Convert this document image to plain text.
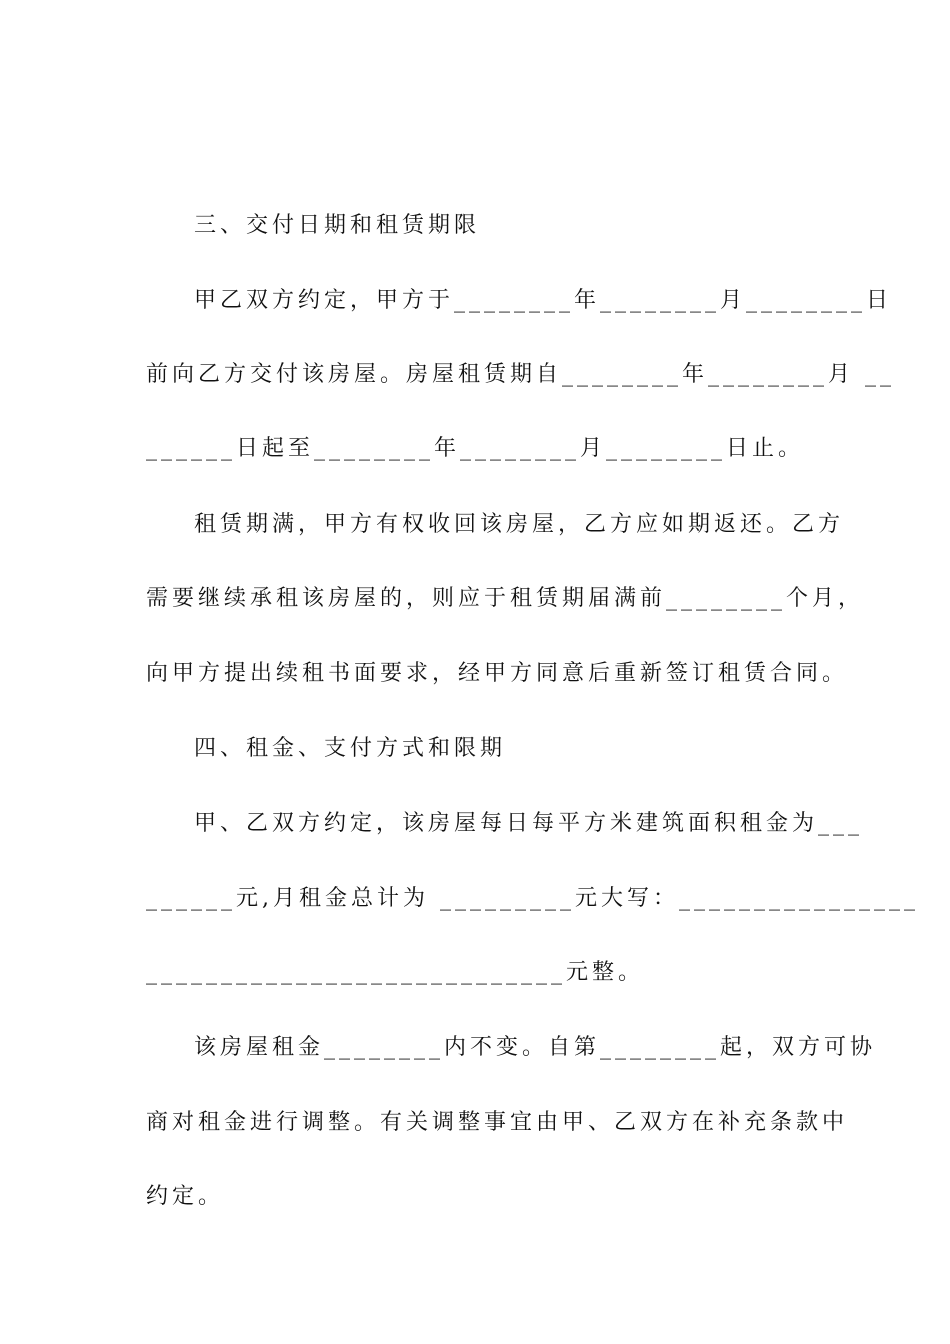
三、交付日期和租赁期限
甲乙双方约定，甲方于________年________月________日
前向乙方交付该房屋。房屋租赁期自________年________月 __
______日起至________年________月________日止。
租赁期满，甲方有权收回该房屋，乙方应如期返还。乙方
需要继续承租该房屋的，则应于租赁期届满前________个月，
向甲方提出续租书面要求，经甲方同意后重新签订租赁合同。
四、租金、支付方式和限期
甲、乙双方约定，该房屋每日每平方米建筑面积租金为___
______元,月租金总计为 _________元大写：________________
____________________________元整。
该房屋租金________内不变。自第________起，双方可协
商对租金进行调整。有关调整事宜由甲、乙双方在补充条款中
约定。
